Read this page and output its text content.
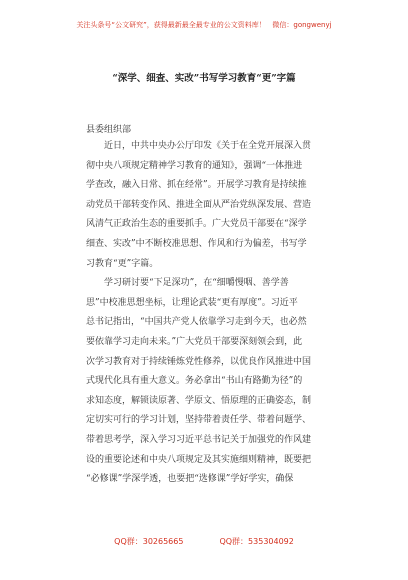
关注头条号“公文研究”，获得最新最全最专业的公文资料库！ 微信：gongwenyj
“深学、细查、实改”书写学习教育“更”字篇
县委组织部
近日，中共中央办公厅印发《关于在全党开展深入贯
彻中央八项规定精神学习教育的通知》，强调“一体推进
学查改，融入日常、抓在经常”。开展学习教育是持续推
动党员干部转变作风、推进全面从严治党纵深发展、营造
风清气正政治生态的重要抓手。广大党员干部要在“深学
细查、实改”中不断校准思想、作风和行为偏差，书写学
习教育“更”字篇。
学习研讨要“下足深功”，在“细嚼慢咽、善学善
思”中校准思想坐标，让理论武装“更有厚度”。习近平
总书记指出，“中国共产党人依靠学习走到今天，也必然
要依靠学习走向未来。”广大党员干部要深刻领会到，此
次学习教育对于持续锤炼党性修养，以优良作风推进中国
式现代化具有重大意义。务必拿出“书山有路勤为径”的
求知态度，解锁读原著、学原文、悟原理的正确姿态，制
定切实可行的学习计划，坚持带着责任学、带着问题学、
带着思考学，深入学习习近平总书记关于加强党的作风建
设的重要论述和中央八项规定及其实施细则精神，既要把
“必修课”学深学透，也要把“选修课”学好学实，确保
QQ群：30265665	QQ群：535304092
